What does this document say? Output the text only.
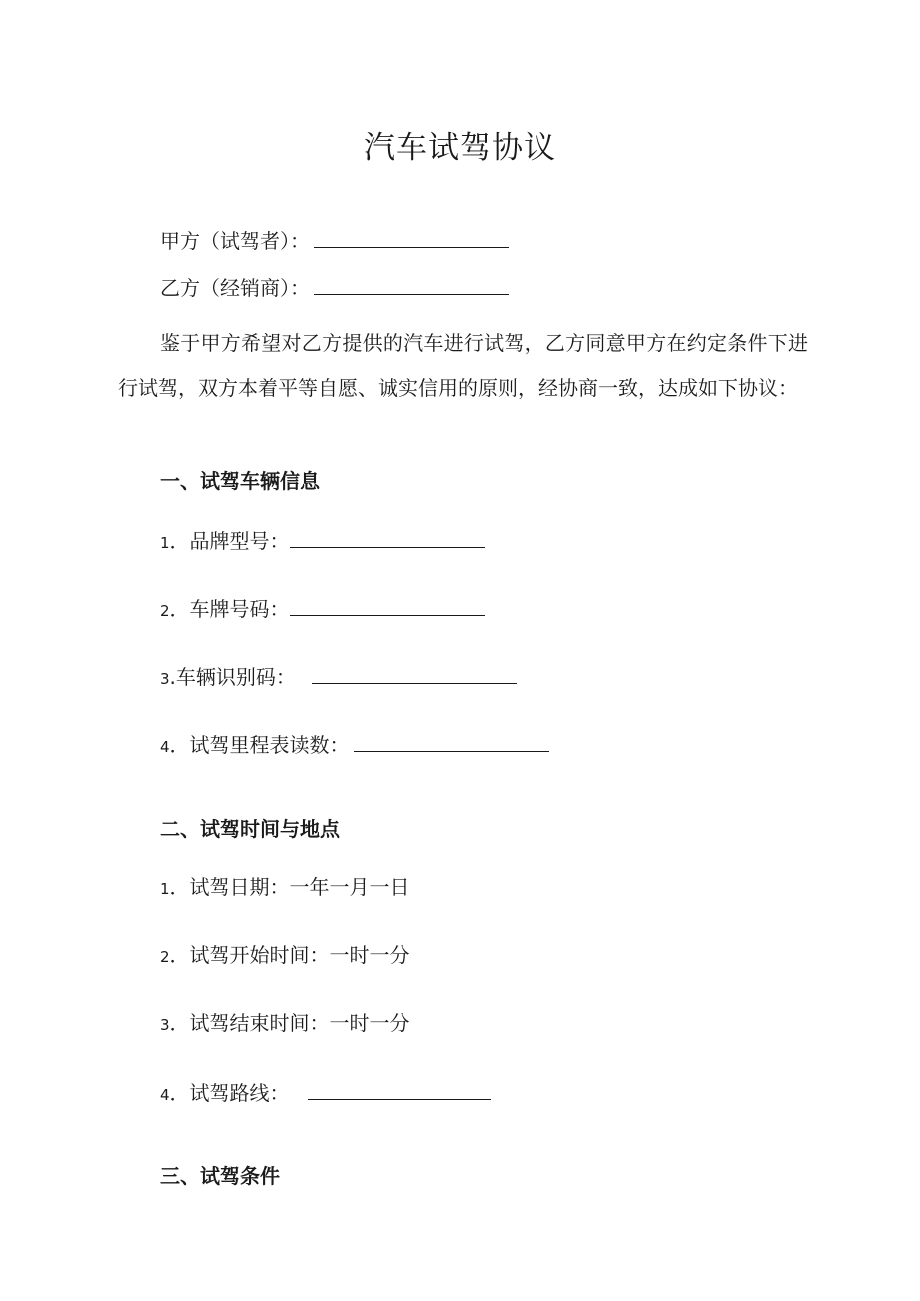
汽车试驾协议
甲方（试驾者）：
乙方（经销商）：
鉴于甲方希望对乙方提供的汽车进行试驾，乙方同意甲方在约定条件下进行试驾，双方本着平等自愿、诚实信用的原则，经协商一致，达成如下协议：
一、试驾车辆信息
1．品牌型号：
2．车牌号码：
3.车辆识别码：
4．试驾里程表读数：
二、试驾时间与地点
1．试驾日期：一年一月一日
2．试驾开始时间：一时一分
3．试驾结束时间：一时一分
4．试驾路线：
三、试驾条件
